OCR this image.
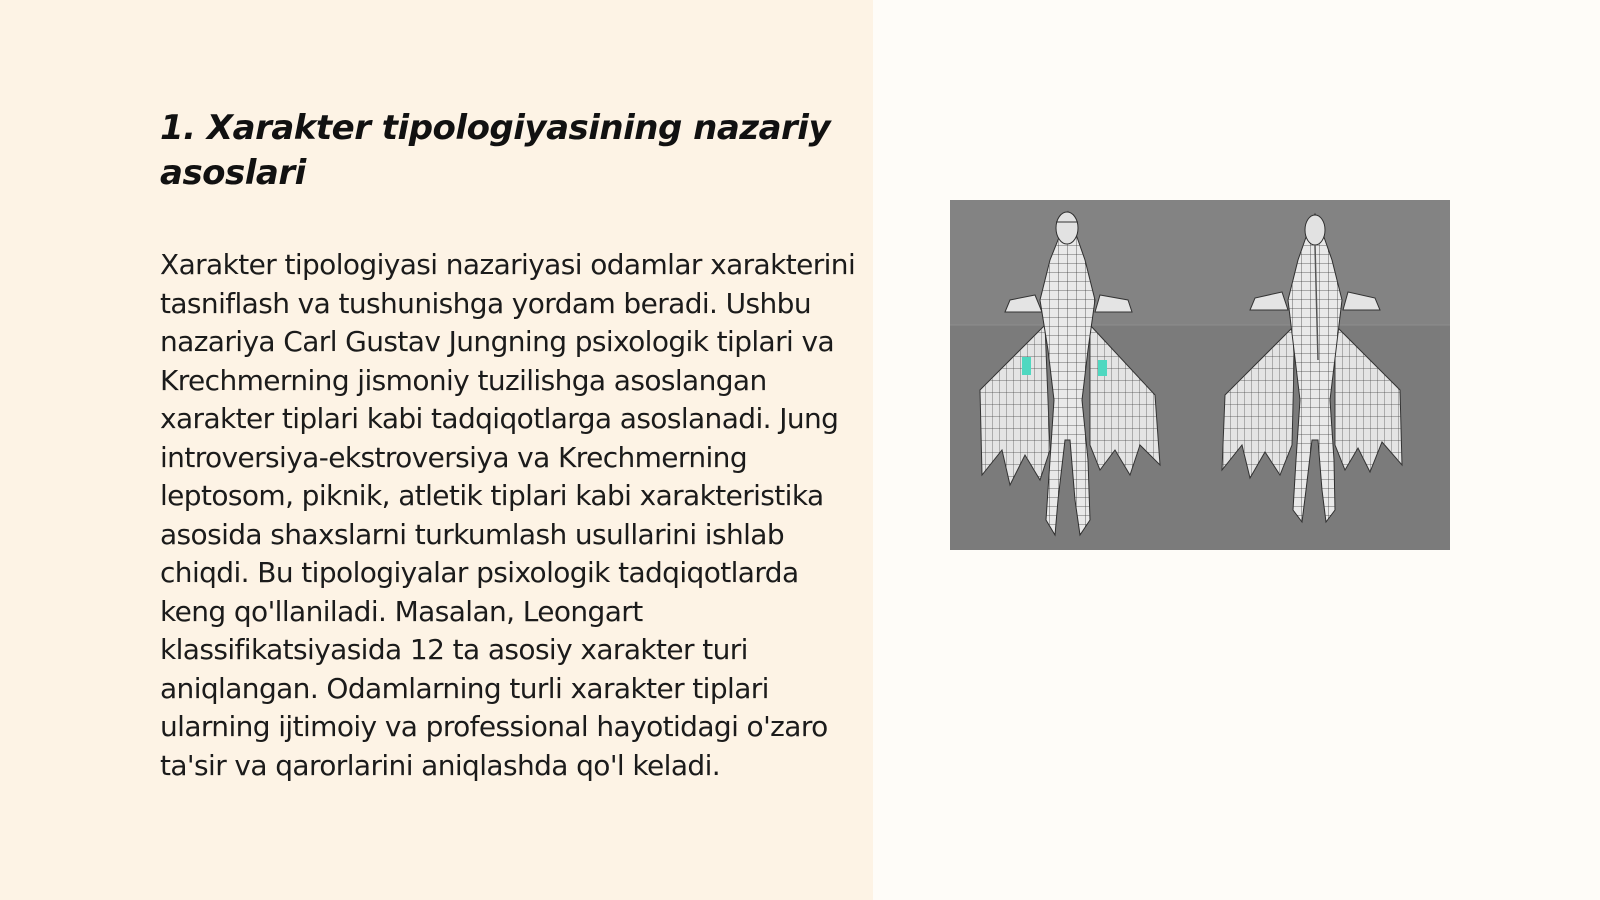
1. Xarakter tipologiyasining nazariy asoslari

Xarakter tipologiyasi nazariyasi odamlar xarakterini tasniflash va tushunishga yordam beradi. Ushbu nazariya Carl Gustav Jungning psixologik tiplari va Krechmerning jismoniy tuzilishga asoslangan xarakter tiplari kabi tadqiqotlarga asoslanadi. Jung introversiya-ekstroversiya va Krechmerning leptosom, piknik, atletik tiplari kabi xarakteristika asosida shaxslarni turkumlash usullarini ishlab chiqdi. Bu tipologiyalar psixologik tadqiqotlarda keng qo'llaniladi. Masalan, Leongart klassifikatsiyasida 12 ta asosiy xarakter turi aniqlangan. Odamlarning turli xarakter tiplari ularning ijtimoiy va professional hayotidagi o'zaro ta'sir va qarorlarini aniqlashda qo'l keladi.
